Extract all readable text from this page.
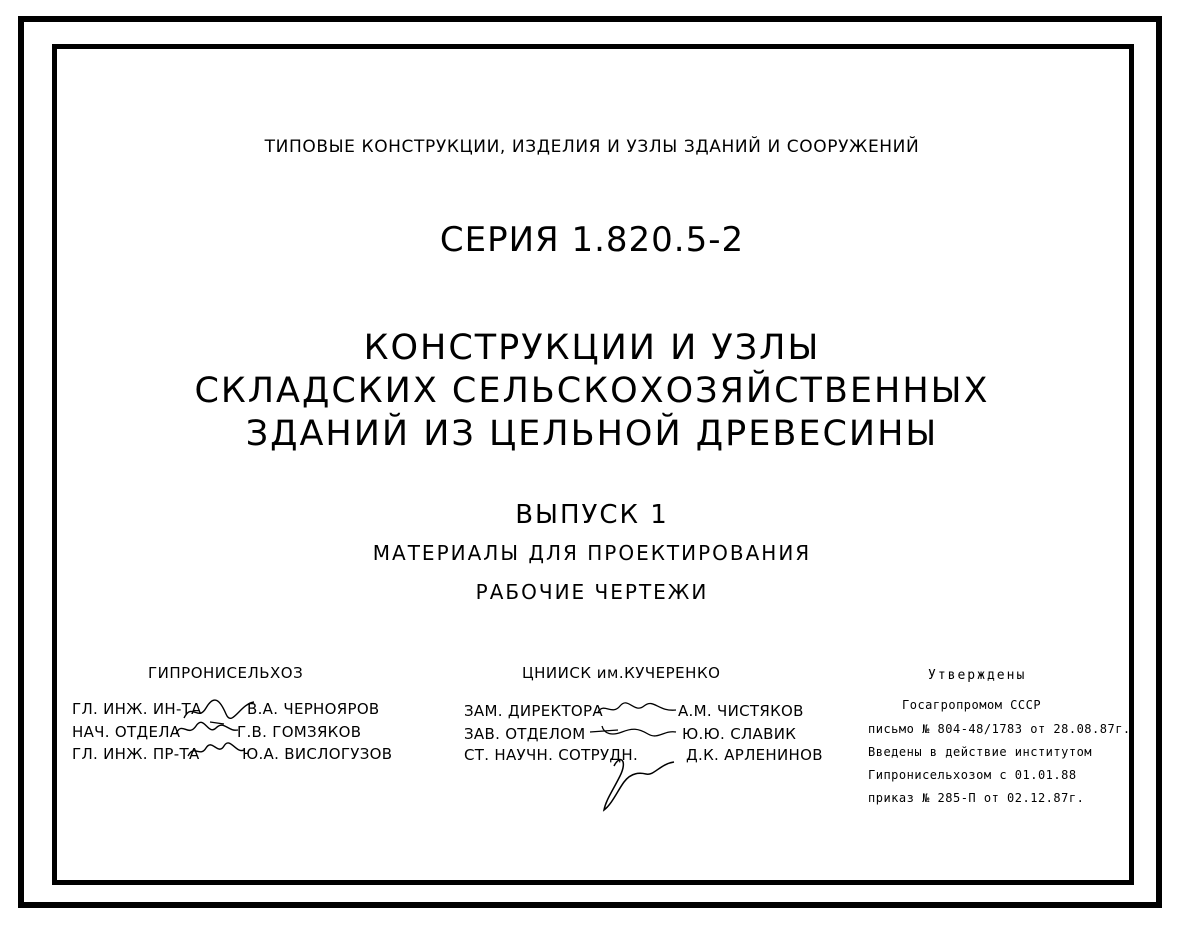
ТИПОВЫЕ КОНСТРУКЦИИ, ИЗДЕЛИЯ И УЗЛЫ ЗДАНИЙ И СООРУЖЕНИЙ
СЕРИЯ 1.820.5-2
КОНСТРУКЦИИ И УЗЛЫ
СКЛАДСКИХ СЕЛЬСКОХОЗЯЙСТВЕННЫХ
ЗДАНИЙ ИЗ ЦЕЛЬНОЙ ДРЕВЕСИНЫ
ВЫПУСК 1
МАТЕРИАЛЫ ДЛЯ ПРОЕКТИРОВАНИЯ
РАБОЧИЕ ЧЕРТЕЖИ
ГИПРОНИСЕЛЬХОЗ
ГЛ. ИНЖ. ИН-ТА	В.А. ЧЕРНОЯРОВ
НАЧ. ОТДЕЛА	Г.В. ГОМЗЯКОВ
ГЛ. ИНЖ. ПР-ТА	Ю.А. ВИСЛОГУЗОВ
ЦНИИСК им.КУЧЕРЕНКО
ЗАМ. ДИРЕКТОРА	А.М. ЧИСТЯКОВ
ЗАВ. ОТДЕЛОМ	Ю.Ю. СЛАВИК
СТ. НАУЧН. СОТРУДН.	Д.К. АРЛЕНИНОВ
Утверждены
Госагропромом СССР
письмо № 804-48/1783 от 28.08.87г.
Введены в действие институтом
Гипронисельхозом с 01.01.88
приказ № 285-П от 02.12.87г.
